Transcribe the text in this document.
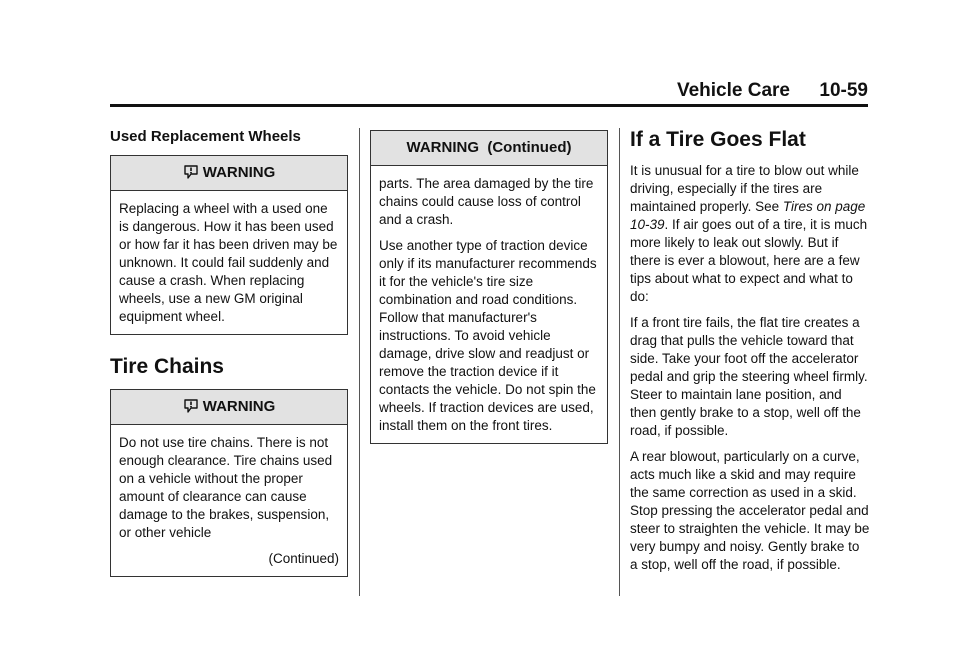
Vehicle Care 10-59
Used Replacement Wheels
WARNING

Replacing a wheel with a used one is dangerous. How it has been used or how far it has been driven may be unknown. It could fail suddenly and cause a crash. When replacing wheels, use a new GM original equipment wheel.

Tire Chains
WARNING

Do not use tire chains. There is not enough clearance. Tire chains used on a vehicle without the proper amount of clearance can cause damage to the brakes, suspension, or other vehicle

(Continued)
WARNING  (Continued)

parts. The area damaged by the tire chains could cause loss of control and a crash.

Use another type of traction device only if its manufacturer recommends it for the vehicle's tire size combination and road conditions. Follow that manufacturer's instructions. To avoid vehicle damage, drive slow and readjust or remove the traction device if it contacts the vehicle. Do not spin the wheels. If traction devices are used, install them on the front tires.

If a Tire Goes Flat

It is unusual for a tire to blow out while driving, especially if the tires are maintained properly. See Tires on page 10-39. If air goes out of a tire, it is much more likely to leak out slowly. But if there is ever a blowout, here are a few tips about what to expect and what to do:

If a front tire fails, the flat tire creates a drag that pulls the vehicle toward that side. Take your foot off the accelerator pedal and grip the steering wheel firmly. Steer to maintain lane position, and then gently brake to a stop, well off the road, if possible.

A rear blowout, particularly on a curve, acts much like a skid and may require the same correction as used in a skid. Stop pressing the accelerator pedal and steer to straighten the vehicle. It may be very bumpy and noisy. Gently brake to a stop, well off the road, if possible.
